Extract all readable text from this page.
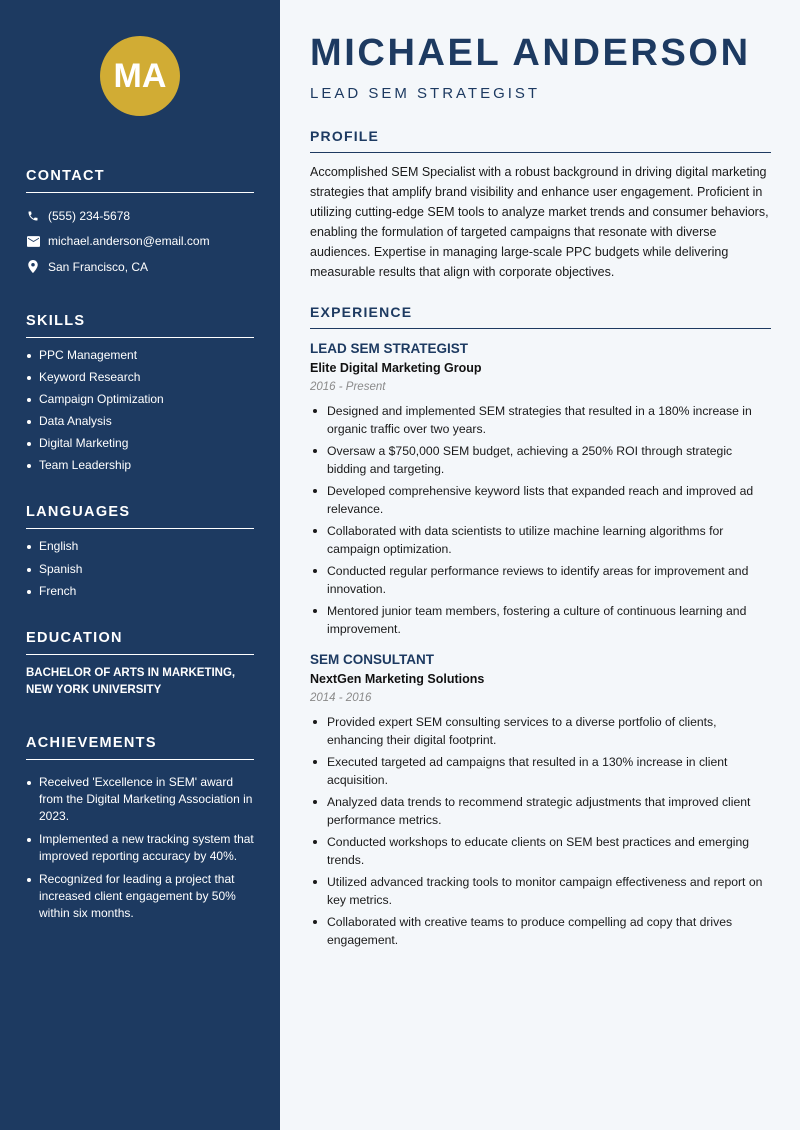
MA
CONTACT
(555) 234-5678
michael.anderson@email.com
San Francisco, CA
SKILLS
PPC Management
Keyword Research
Campaign Optimization
Data Analysis
Digital Marketing
Team Leadership
LANGUAGES
English
Spanish
French
EDUCATION
BACHELOR OF ARTS IN MARKETING, NEW YORK UNIVERSITY
ACHIEVEMENTS
Received 'Excellence in SEM' award from the Digital Marketing Association in 2023.
Implemented a new tracking system that improved reporting accuracy by 40%.
Recognized for leading a project that increased client engagement by 50% within six months.
MICHAEL ANDERSON
LEAD SEM STRATEGIST
PROFILE

Accomplished SEM Specialist with a robust background in driving digital marketing strategies that amplify brand visibility and enhance user engagement. Proficient in utilizing cutting-edge SEM tools to analyze market trends and consumer behaviors, enabling the formulation of targeted campaigns that resonate with diverse audiences. Expertise in managing large-scale PPC budgets while delivering measurable results that align with corporate objectives.

EXPERIENCE
LEAD SEM STRATEGIST
Elite Digital Marketing Group
2016 - Present
Designed and implemented SEM strategies that resulted in a 180% increase in organic traffic over two years.
Oversaw a $750,000 SEM budget, achieving a 250% ROI through strategic bidding and targeting.
Developed comprehensive keyword lists that expanded reach and improved ad relevance.
Collaborated with data scientists to utilize machine learning algorithms for campaign optimization.
Conducted regular performance reviews to identify areas for improvement and innovation.
Mentored junior team members, fostering a culture of continuous learning and improvement.
SEM CONSULTANT
NextGen Marketing Solutions
2014 - 2016
Provided expert SEM consulting services to a diverse portfolio of clients, enhancing their digital footprint.
Executed targeted ad campaigns that resulted in a 130% increase in client acquisition.
Analyzed data trends to recommend strategic adjustments that improved client performance metrics.
Conducted workshops to educate clients on SEM best practices and emerging trends.
Utilized advanced tracking tools to monitor campaign effectiveness and report on key metrics.
Collaborated with creative teams to produce compelling ad copy that drives engagement.
